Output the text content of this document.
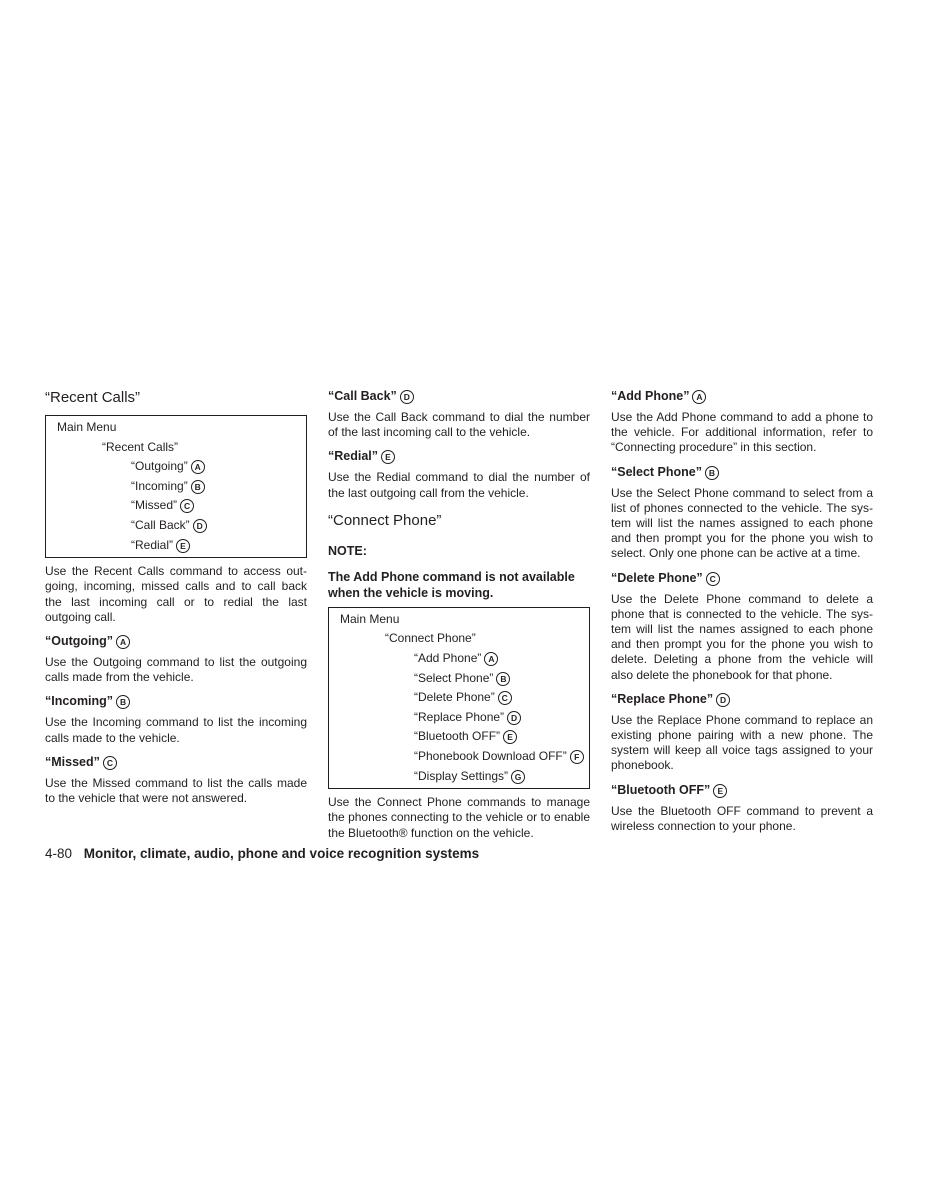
“Recent Calls”
Main Menu
“Recent Calls”
“Outgoing” A
“Incoming” B
“Missed” C
“Call Back” D
“Redial” E

Use the Recent Calls command to access out-going, incoming, missed calls and to call back the last incoming call or to redial the last outgoing call.

“Outgoing” A

Use the Outgoing command to list the outgoing calls made from the vehicle.

“Incoming” B

Use the Incoming command to list the incoming calls made to the vehicle.

“Missed” C

Use the Missed command to list the calls made to the vehicle that were not answered.

“Call Back” D

Use the Call Back command to dial the number of the last incoming call to the vehicle.

“Redial” E

Use the Redial command to dial the number of the last outgoing call from the vehicle.

“Connect Phone”

NOTE:

The Add Phone command is not available when the vehicle is moving.

Main Menu
“Connect Phone”
“Add Phone” A
“Select Phone” B
“Delete Phone” C
“Replace Phone” D
“Bluetooth OFF” E
“Phonebook Download OFF” F
“Display Settings” G

Use the Connect Phone commands to manage the phones connecting to the vehicle or to enable the Bluetooth® function on the vehicle.

“Add Phone” A

Use the Add Phone command to add a phone to the vehicle. For additional information, refer to “Connecting procedure” in this section.

“Select Phone” B

Use the Select Phone command to select from a list of phones connected to the vehicle. The sys-tem will list the names assigned to each phone and then prompt you for the phone you wish to select. Only one phone can be active at a time.

“Delete Phone” C

Use the Delete Phone command to delete a phone that is connected to the vehicle. The sys-tem will list the names assigned to each phone and then prompt you for the phone you wish to delete. Deleting a phone from the vehicle will also delete the phonebook for that phone.

“Replace Phone” D

Use the Replace Phone command to replace an existing phone pairing with a new phone. The system will keep all voice tags assigned to your phonebook.

“Bluetooth OFF” E

Use the Bluetooth OFF command to prevent a wireless connection to your phone.

4-80 Monitor, climate, audio, phone and voice recognition systems
